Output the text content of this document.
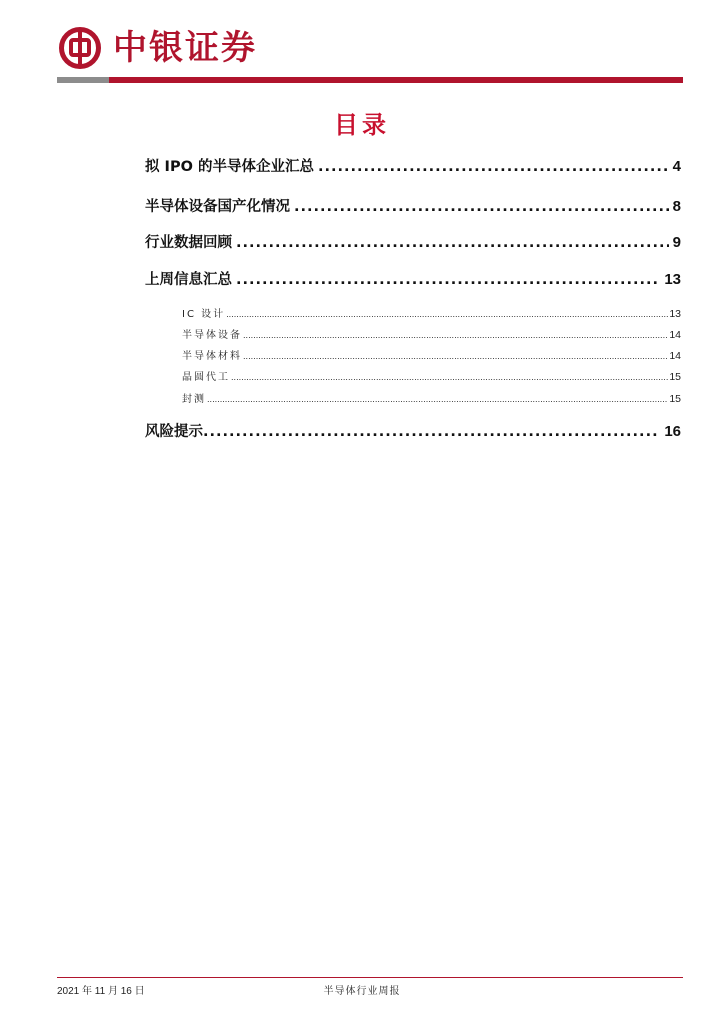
中银证券
目录
拟 IPO 的半导体企业汇总 .....	4
半导体设备国产化情况 .....	8
行业数据回顾 .....	9
上周信息汇总 .....	13
IC 设计 .....	13
半导体设备 .....	14
半导体材料 .....	14
晶圆代工 .....	15
封测 .....	15
风险提示 .....	16
2021 年 11 月 16 日	半导体行业周报
